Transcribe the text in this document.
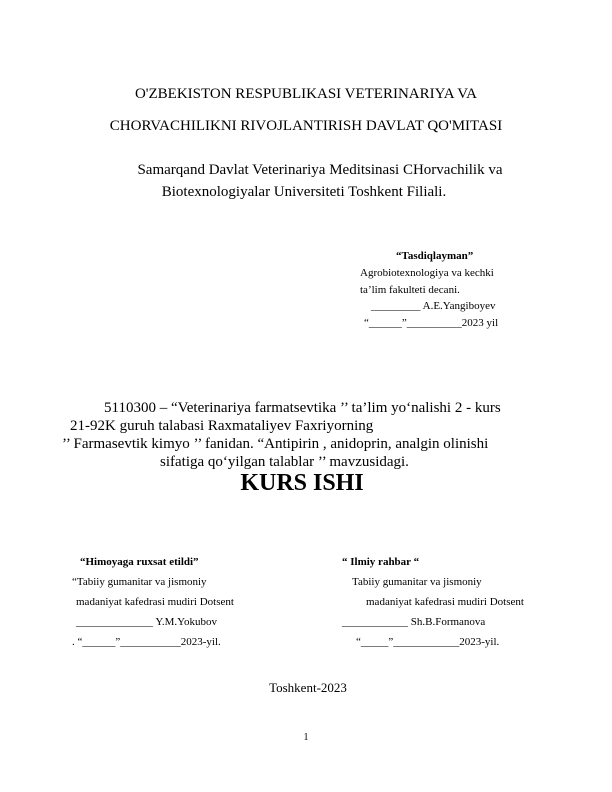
O'ZBEKISTON RESPUBLIKASI VETERINARIYA VA
CHORVACHILIKNI RIVOJLANTIRISH DAVLAT QO'MITASI
Samarqand Davlat Veterinariya Meditsinasi CHorvachilik va
Biotexnologiyalar Universiteti Toshkent Filiali.
“Tasdiqlayman”
Agrobiotexnologiya va kechki
ta’lim fakulteti decani.
_________ A.E.Yangiboyev
“______”__________2023 yil
5110300 – “Veterinariya farmatsevtika ’’ ta’lim yo‘nalishi 2 - kurs
21-92K guruh talabasi Raxmataliyev Faxriyorning
’’ Farmasevtik kimyo ’’ fanidan. “Antipirin , anidoprin, analgin olinishi
sifatiga qo‘yilgan talablar ’’ mavzusidagi.
KURS ISHI
“Himoyaga ruxsat etildi”
“Tabiiy gumanitar va jismoniy
madaniyat kafedrasi mudiri Dotsent
______________ Y.M.Yokubov
. “______”___________2023-yil.
“ Ilmiy rahbar “
Tabiiy gumanitar va jismoniy
madaniyat kafedrasi mudiri Dotsent
____________ Sh.B.Formanova
“_____”____________2023-yil.
Toshkent-2023
1
